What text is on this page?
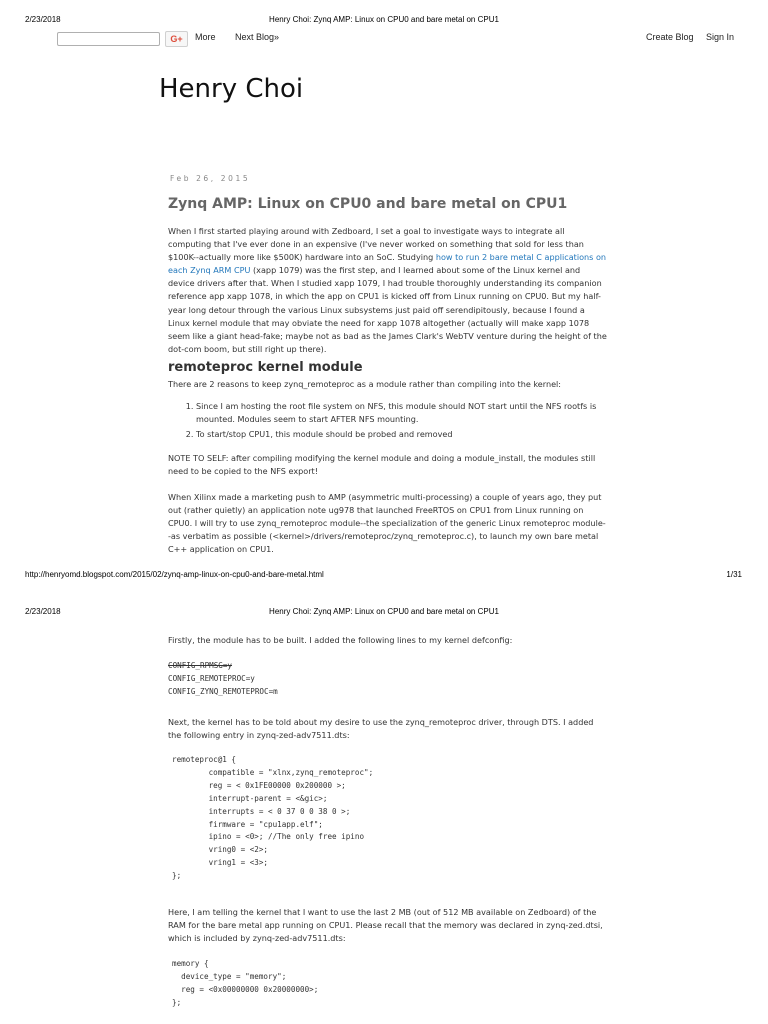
2/23/2018	Henry Choi: Zynq AMP: Linux on CPU0 and bare metal on CPU1
G+	More Next Blog»	Create Blog Sign In
Henry Choi
Feb 26, 2015
Zynq AMP: Linux on CPU0 and bare metal on CPU1

When I first started playing around with Zedboard, I set a goal to investigate ways to integrate all computing that I've ever done in an expensive (I've never worked on something that sold for less than $100K--actually more like $500K) hardware into an SoC. Studying how to run 2 bare metal C applications on each Zynq ARM CPU (xapp 1079) was the first step, and I learned about some of the Linux kernel and device drivers after that. When I studied xapp 1079, I had trouble thoroughly understanding its companion reference app xapp 1078, in which the app on CPU1 is kicked off from Linux running on CPU0. But my half-year long detour through the various Linux subsystems just paid off serendipitously, because I found a Linux kernel module that may obviate the need for xapp 1078 altogether (actually will make xapp 1078 seem like a giant head-fake; maybe not as bad as the James Clark's WebTV venture during the height of the dot-com boom, but still right up there).

remoteproc kernel module

There are 2 reasons to keep zynq_remoteproc as a module rather than compiling into the kernel:

1. Since I am hosting the root file system on NFS, this module should NOT start until the NFS rootfs is mounted. Modules seem to start AFTER NFS mounting.
2. To start/stop CPU1, this module should be probed and removed

NOTE TO SELF: after compiling modifying the kernel module and doing a module_install, the modules still need to be copied to the NFS export!

When Xilinx made a marketing push to AMP (asymmetric multi-processing) a couple of years ago, they put out (rather quietly) an application note ug978 that launched FreeRTOS on CPU1 from Linux running on CPU0. I will try to use zynq_remoteproc module--the specialization of the generic Linux remoteproc module--as verbatim as possible (<kernel>/drivers/remoteproc/zynq_remoteproc.c), to launch my own bare metal C++ application on CPU1.

http://henryomd.blogspot.com/2015/02/zynq-amp-linux-on-cpu0-and-bare-metal.html	1/31
2/23/2018	Henry Choi: Zynq AMP: Linux on CPU0 and bare metal on CPU1

Firstly, the module has to be built. I added the following lines to my kernel defconfig:

CONFIG_RPMSG=y
CONFIG_REMOTEPROC=y
CONFIG_ZYNQ_REMOTEPROC=m

Next, the kernel has to be told about my desire to use the zynq_remoteproc driver, through DTS. I added the following entry in zynq-zed-adv7511.dts:

remoteproc@1 {
compatible = "xlnx,zynq_remoteproc";
reg = < 0x1FE00000 0x200000 >;
interrupt-parent = <&gic>;
interrupts = < 0 37 0 0 38 0 >;
firmware = "cpu1app.elf";
ipino = <0>; //The only free ipino
vring0 = <2>;
vring1 = <3>;
};

Here, I am telling the kernel that I want to use the last 2 MB (out of 512 MB available on Zedboard) of the RAM for the bare metal app running on CPU1. Please recall that the memory was declared in zynq-zed.dtsi, which is included by zynq-zed-adv7511.dts:

memory {
device_type = "memory";
reg = <0x00000000 0x20000000>;
};
